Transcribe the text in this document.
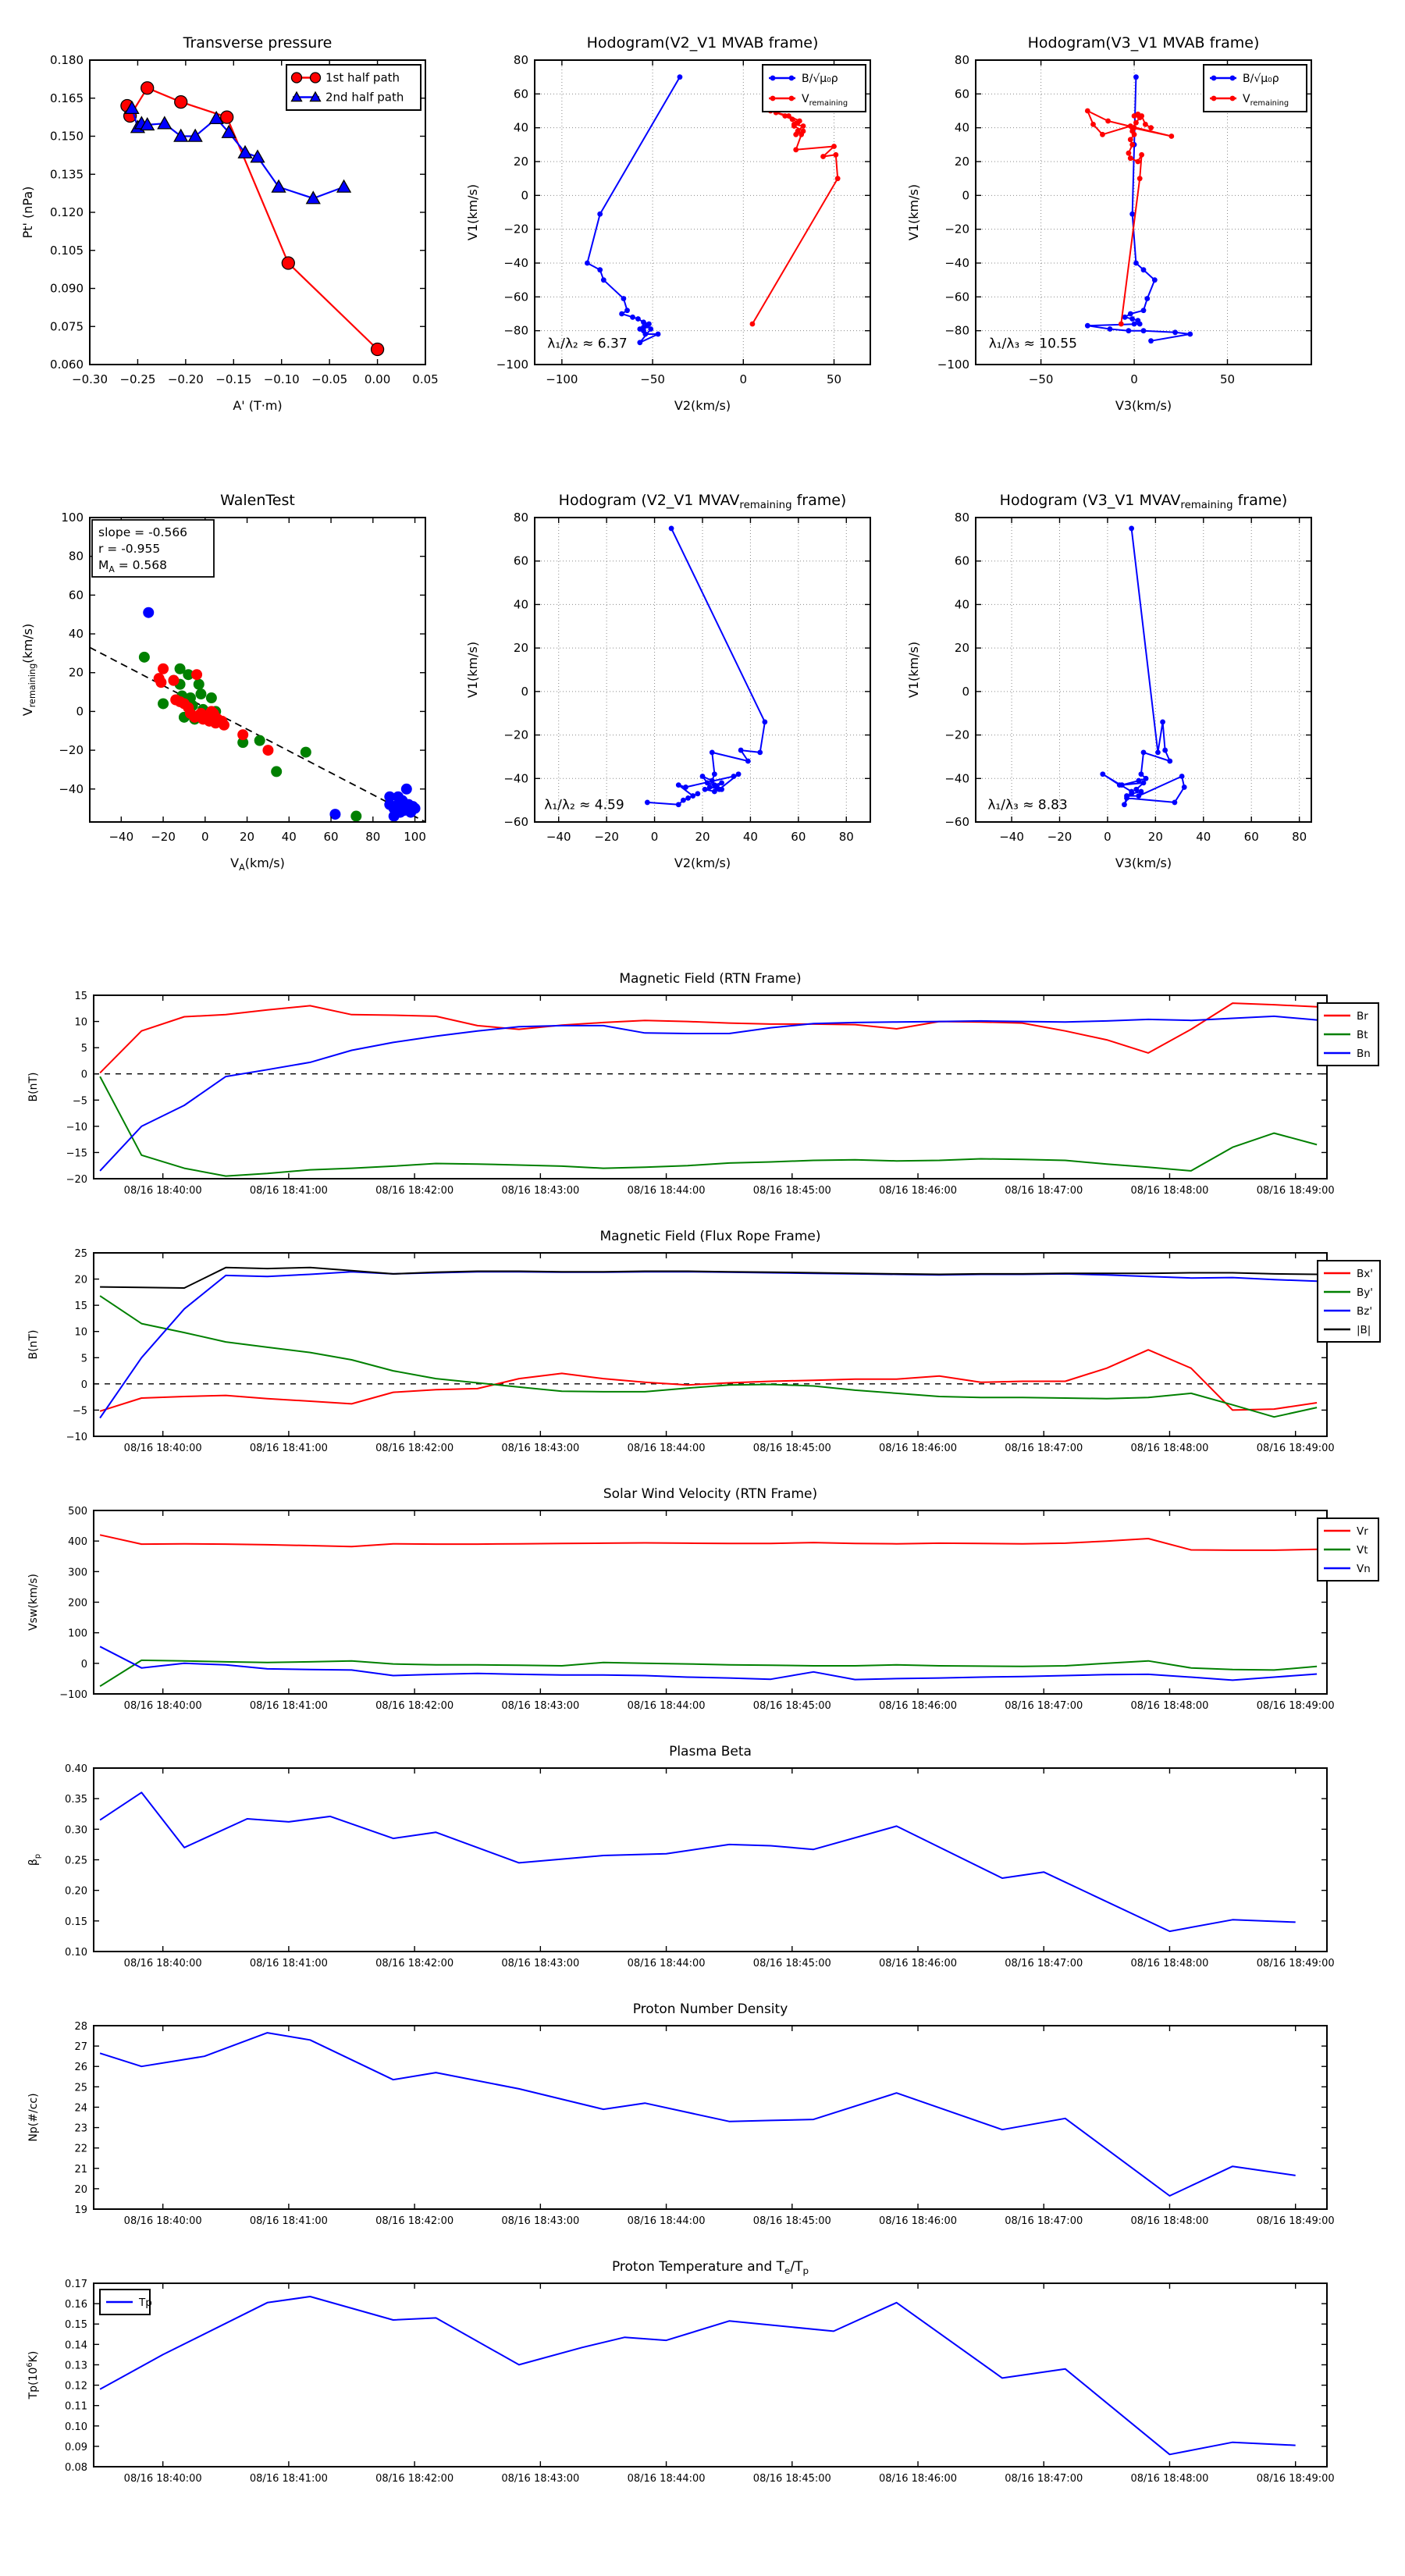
−0.30 −0.25 −0.20 −0.15 −0.10 −0.05 0.00 0.05
0.060
0.075
0.090
0.105
0.120
0.135
0.150
0.165
0.180
Transverse pressure
A' (T·m)
Pt' (nPa)
1st half path
2nd half path
−100	−50	0	50
−100
−80
−60
−40
−20
0
20
40
60
80
Hodogram(V2_V1 MVAB frame)
V2(km/s)
V1(km/s)
λ₁/λ₂ ≈ 6.37
B/√μ₀ρ
$V_{remaining}$
−50	0	50
−100
−80
−60
−40
−20
0
20
40
60
80
Hodogram(V3_V1 MVAB frame)
V3(km/s)
V1(km/s)
λ₁/λ₃ ≈ 10.55
B/√μ₀ρ
$V_{remaining}$
−40 −20 0	20 40 60 80 100
−40
−20
0
20
40
60
80
100
WalenTest
$V_A(km/s)$
$V_{remaining}(km/s)$
slope = -0.566
r = -0.955
$M_A = 0.568$
−40 −20	0	20	40	60	80
−60
−40
−20
0
20
40
60
80
Hodogram (V2_V1 $MVAV_{remaining}$ frame)
V2(km/s)
V1(km/s)
λ₁/λ₂ ≈ 4.59
−40 −20	0	20	40	60	80
−60
−40
−20
0
20
40
60
80
Hodogram (V3_V1 $MVAV_{remaining}$ frame)
V3(km/s)
V1(km/s)
λ₁/λ₃ ≈ 8.83
08/16 18:40:00	08/16 18:41:00	08/16 18:42:00	08/16 18:43:00	08/16 18:44:00	08/16 18:45:00	08/16 18:46:00	08/16 18:47:00	08/16 18:48:00	08/16 18:49:00
−20
−15
−10
−5
0
5
10
15
Magnetic Field (RTN Frame)
B(nT)
Br
Bt
Bn
08/16 18:40:00	08/16 18:41:00	08/16 18:42:00	08/16 18:43:00	08/16 18:44:00	08/16 18:45:00	08/16 18:46:00	08/16 18:47:00	08/16 18:48:00	08/16 18:49:00
−10
−5
0
5
10
15
20
25
Magnetic Field (Flux Rope Frame)
B(nT)
Bx'
By'
Bz'
|B|
08/16 18:40:00	08/16 18:41:00	08/16 18:42:00	08/16 18:43:00	08/16 18:44:00	08/16 18:45:00	08/16 18:46:00	08/16 18:47:00	08/16 18:48:00	08/16 18:49:00
−100
0
100
200
300
400
500
Solar Wind Velocity (RTN Frame)
Vsw(km/s)
Vr
Vt
Vn
08/16 18:40:00	08/16 18:41:00	08/16 18:42:00	08/16 18:43:00	08/16 18:44:00	08/16 18:45:00	08/16 18:46:00	08/16 18:47:00	08/16 18:48:00	08/16 18:49:00
0.10
0.15
0.20
0.25
0.30
0.35
0.40
Plasma Beta
$\beta_p$
08/16 18:40:00	08/16 18:41:00	08/16 18:42:00	08/16 18:43:00	08/16 18:44:00	08/16 18:45:00	08/16 18:46:00	08/16 18:47:00	08/16 18:48:00	08/16 18:49:00
19
20
21
22
23
24
25
26
27
28
Proton Number Density
Np(#/cc)
08/16 18:40:00	08/16 18:41:00	08/16 18:42:00	08/16 18:43:00	08/16 18:44:00	08/16 18:45:00	08/16 18:46:00	08/16 18:47:00	08/16 18:48:00	08/16 18:49:00
0.08
0.09
0.10
0.11
0.12
0.13
0.14
0.15
0.16
0.17
Proton Temperature and $T_e/T_p$
$Tp(10^6K)$
Tp
